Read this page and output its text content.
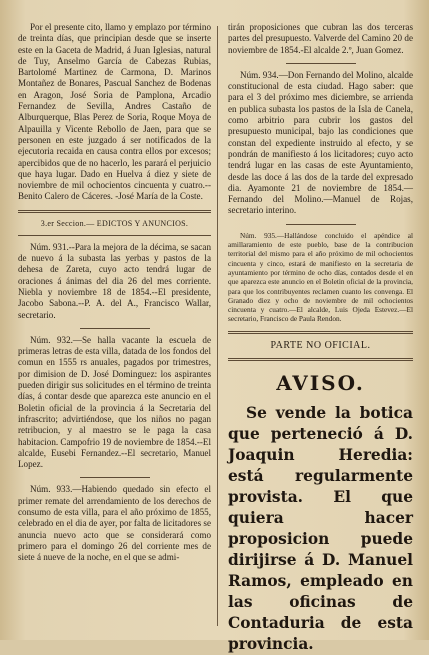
Por el presente cito, llamo y emplazo por término de treinta días, que principian desde que se inserte este en la Gaceta de Madrid, á Juan Iglesias, natural de Tuy, Anselmo García de Cabezas Rubias, Bartolomé Martinez de Carmona, D. Marinos Montañez de Bonares, Pascual Sanchez de Bodenas en Aragon, José Soria de Pamplona, Arcadio Fernandez de Sevilla, Andres Castaño de Alburquerque, Blas Perez de Soria, Roque Moya de Alpauilla y Vicente Rebollo de Jaen, para que se personen en este juzgado á ser notificados de la ejecutoria recaida en causa contra ellos por excesos; apercibidos que de no hacerlo, les parará el perjuicio que haya lugar. Dado en Huelva á diez y siete de noviembre de mil ochocientos cincuenta y cuatro.--Benito Calero de Cáceres. -José María de la Coste.

3.er Seccion.— EDICTOS Y ANUNCIOS.

Núm. 931.--Para la mejora de la décima, se sacan de nuevo á la subasta las yerbas y pastos de la dehesa de Zareta, cuyo acto tendrá lugar de oraciones á ánimas del dia 26 del mes corriente. Niebla y noviembre 18 de 1854.--El presidente, Jacobo Sabona.--P. A. del A., Francisco Wallar, secretario.

Núm. 932.—Se halla vacante la escuela de primeras letras de esta villa, datada de los fondos del comun en 1555 rs anuales, pagados por trimestres, por dimision de D. José Dominguez: los aspirantes pueden dirigir sus solicitudes en el término de treinta días, á contar desde que aparezca este anuncio en el Boletin oficial de la provincia á la Secretaria del infrascrito; advirtiéndose, que los niños no pagan retribucion, y al maestro se le paga la casa habitacion. Campofrio 19 de noviembre de 1854.--El alcalde, Eusebi Fernandez.--El secretario, Manuel Lopez.

Núm. 933.—Habiendo quedado sin efecto el primer remate del arrendamiento de los derechos de consumo de esta villa, para el año próximo de 1855, celebrado en el dia de ayer, por falta de licitadores se anuncia nuevo acto que se considerará como primero para el domingo 26 del corriente mes de siete á nueve de la noche, en el que se admi-

tirán proposiciones que cubran las dos terceras partes del presupuesto. Valverde del Camino 20 de noviembre de 1854.-El alcalde 2.º, Juan Gomez.

Núm. 934.—Don Fernando del Molino, alcalde constitucional de esta ciudad. Hago saber: que para el 3 del próximo mes diciembre, se arrienda en publica subasta los pastos de la Isla de Canela, como arbitrio para cubrir los gastos del presupuesto municipal, bajo las condiciones que constan del expediente instruido al efecto, y se pondrán de manifiesto á los licitadores; cuyo acto tendrá lugar en las casas de este Ayuntamiento, desde las doce á las dos de la tarde del expresado dia. Ayamonte 21 de noviembre de 1854.—Fernando del Molino.—Manuel de Rojas, secretario interino.

Núm. 935.—Hallándose concluido el apéndice al amillaramiento de este pueblo, base de la contribucion territorial del mismo para el año próximo de mil ochocientos cincuenta y cinco, estará de manifiesto en la secretaria de ayuntamiento por término de ocho días, contados desde el en que aparezca este anuncio en el Boletin oficial de la provincia, para que los contribuyentes reclamen cuanto les convenga. El Granado diez y ocho de noviembre de mil ochocientos cincuenta y cuatro.—El alcalde, Luis Ojeda Estevez.—El secretario, Francisco de Paula Rendon.

PARTE NO OFICIAL.
AVISO.

Se vende la botica que perteneció á D. Joaquin Heredia: está regularmente provista. El que quiera hacer proposicion puede dirijirse á D. Manuel Ramos, empleado en las oficinas de Contaduria de esta provincia.
